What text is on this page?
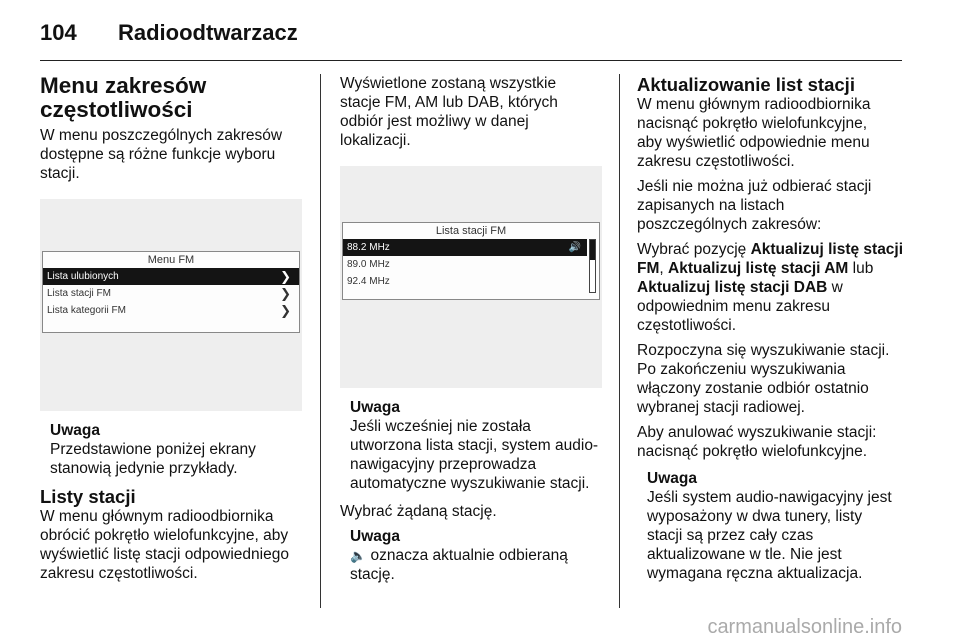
104 Radioodtwarzacz
Menu zakresów
częstotliwości

W menu poszczególnych zakresów
dostępne są różne funkcje wyboru
stacji.

Menu FM
Lista ulubionych	❯
Lista stacji FM	❯
Lista kategorii FM	❯
Uwaga
Przedstawione poniżej ekrany
stanowią jedynie przykłady.
Listy stacji

W menu głównym radioodbiornika
obrócić pokrętło wielofunkcyjne, aby
wyświetlić listę stacji odpowiedniego
zakresu częstotliwości.

Wyświetlone zostaną wszystkie
stacje FM, AM lub DAB, których
odbiór jest możliwy w danej
lokalizacji.

Lista stacji FM
88.2 MHz	🔊
89.0 MHz
92.4 MHz
Uwaga
Jeśli wcześniej nie została
utworzona lista stacji, system audio-
nawigacyjny przeprowadza
automatyczne wyszukiwanie stacji.

Wybrać żądaną stację.

Uwaga
🔈 oznacza aktualnie odbieraną
stację.
Aktualizowanie list stacji

W menu głównym radioodbiornika
nacisnąć pokrętło wielofunkcyjne,
aby wyświetlić odpowiednie menu
zakresu częstotliwości.

Jeśli nie można już odbierać stacji
zapisanych na listach
poszczególnych zakresów:

Wybrać pozycję Aktualizuj listę stacji FM, Aktualizuj listę stacji AM lub Aktualizuj listę stacji DAB w
odpowiednim menu zakresu
częstotliwości.

Rozpoczyna się wyszukiwanie stacji.
Po zakończeniu wyszukiwania
włączony zostanie odbiór ostatnio
wybranej stacji radiowej.

Aby anulować wyszukiwanie stacji:
nacisnąć pokrętło wielofunkcyjne.

Uwaga
Jeśli system audio-nawigacyjny jest
wyposażony w dwa tunery, listy
stacji są przez cały czas
aktualizowane w tle. Nie jest
wymagana ręczna aktualizacja.
carmanualsonline.info
